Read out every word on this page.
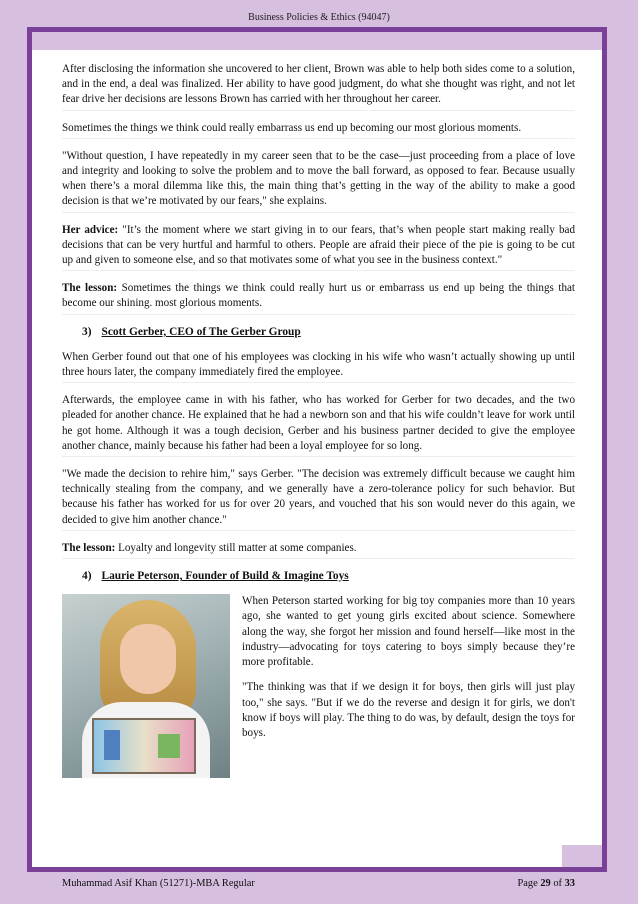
Business Policies & Ethics (94047)

After disclosing the information she uncovered to her client, Brown was able to help both sides come to a solution, and in the end, a deal was finalized. Her ability to have good judgment, do what she thought was right, and not let fear drive her decisions are lessons Brown has carried with her throughout her career.

Sometimes the things we think could really embarrass us end up becoming our most glorious moments.

"Without question, I have repeatedly in my career seen that to be the case—just proceeding from a place of love and integrity and looking to solve the problem and to move the ball forward, as opposed to fear. Because usually when there’s a moral dilemma like this, the main thing that’s getting in the way of the ability to make a good decision is that we’re motivated by our fears," she explains.

Her advice: "It’s the moment where we start giving in to our fears, that’s when people start making really bad decisions that can be very hurtful and harmful to others. People are afraid their piece of the pie is going to be cut up and given to someone else, and so that motivates some of what you see in the business context."

The lesson: Sometimes the things we think could really hurt us or embarrass us end up being the things that become our shining. most glorious moments.

3) Scott Gerber, CEO of The Gerber Group

When Gerber found out that one of his employees was clocking in his wife who wasn’t actually showing up until three hours later, the company immediately fired the employee.

Afterwards, the employee came in with his father, who has worked for Gerber for two decades, and the two pleaded for another chance. He explained that he had a newborn son and that his wife couldn’t leave for work until he got home. Although it was a tough decision, Gerber and his business partner decided to give the employee another chance, mainly because his father had been a loyal employee for so long.

"We made the decision to rehire him," says Gerber. "The decision was extremely difficult because we caught him technically stealing from the company, and we generally have a zero-tolerance policy for such behavior. But because his father has worked for us for over 20 years, and vouched that his son would never do this again, we decided to give him another chance."

The lesson: Loyalty and longevity still matter at some companies.

4) Laurie Peterson, Founder of Build & Imagine Toys

When Peterson started working for big toy companies more than 10 years ago, she wanted to get young girls excited about science. Somewhere along the way, she forgot her mission and found herself—like most in the industry—advocating for toys catering to boys simply because they’re more profitable.

"The thinking was that if we design it for boys, then girls will just play too," she says. "But if we do the reverse and design it for girls, we don't know if boys will play. The thing to do was, by default, design the toys for boys.

Muhammad Asif Khan (51271)-MBA Regular	Page 29 of 33
